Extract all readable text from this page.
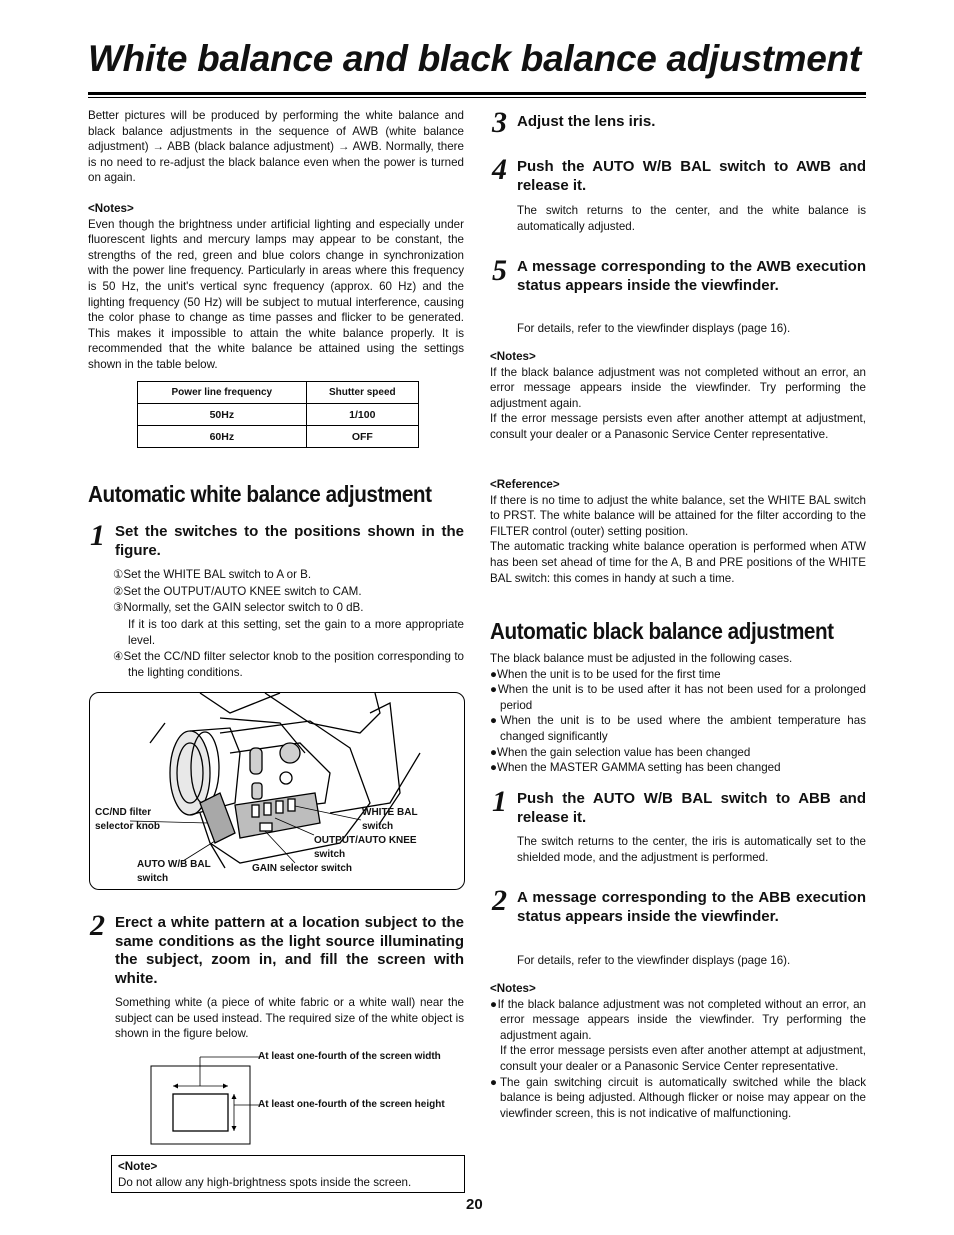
White balance and black balance adjustment

Better pictures will be produced by performing the white balance and black balance adjustments in the sequence of AWB (white balance adjustment) → ABB (black balance adjustment) → AWB. Normally, there is no need to re-adjust the black balance even when the power is turned on again.

<Notes>

Even though the brightness under artificial lighting and especially under fluorescent lights and mercury lamps may appear to be constant, the strengths of the red, green and blue colors change in synchronization with the power line frequency. Particularly in areas where this frequency is 50 Hz, the unit's vertical sync frequency (approx. 60 Hz) and the lighting frequency (50 Hz) will be subject to mutual interference, causing the color phase to change as time passes and flicker to be generated. This makes it impossible to attain the white balance properly. It is recommended that the white balance be attained using the settings shown in the table below.

Power line frequency	Shutter speed
50Hz	1/100
60Hz	OFF
Automatic white balance adjustment
1 Set the switches to the positions shown in the figure.
①Set the WHITE BAL switch to A or B.
②Set the OUTPUT/AUTO KNEE switch to CAM.
③Normally, set the GAIN selector switch to 0 dB.
If it is too dark at this setting, set the gain to a more appropriate level.
④Set the CC/ND filter selector knob to the position corresponding to the lighting conditions.
CC/ND filter selector knob
WHITE BAL switch
OUTPUT/AUTO KNEE switch
AUTO W/B BAL switch
GAIN selector switch
2 Erect a white pattern at a location subject to the same conditions as the light source illuminating the subject, zoom in, and fill the screen with white.

Something white (a piece of white fabric or a white wall) near the subject can be used instead. The required size of the white object is shown in the figure below.

At least one-fourth of the screen width
At least one-fourth of the screen height
<Note>
Do not allow any high-brightness spots inside the screen.
3 Adjust the lens iris.
4 Push the AUTO W/B BAL switch to AWB and release it.

The switch returns to the center, and the white balance is automatically adjusted.

5 A message corresponding to the AWB execution status appears inside the viewfinder.

For details, refer to the viewfinder displays (page 16).

<Notes>

If the black balance adjustment was not completed without an error, an error message appears inside the viewfinder. Try performing the adjustment again.

If the error message persists even after another attempt at adjustment, consult your dealer or a Panasonic Service Center representative.

<Reference>

If there is no time to adjust the white balance, set the WHITE BAL switch to PRST. The white balance will be attained for the filter according to the FILTER control (outer) setting position.

The automatic tracking white balance operation is performed when ATW has been set ahead of time for the A, B and PRE positions of the WHITE BAL switch: this comes in handy at such a time.

Automatic black balance adjustment

The black balance must be adjusted in the following cases.

●When the unit is to be used for the first time

●When the unit is to be used after it has not been used for a prolonged period

●When the unit is to be used where the ambient temperature has changed significantly

●When the gain selection value has been changed

●When the MASTER GAMMA setting has been changed

1 Push the AUTO W/B BAL switch to ABB and release it.

The switch returns to the center, the iris is automatically set to the shielded mode, and the adjustment is performed.

2 A message corresponding to the ABB execution status appears inside the viewfinder.

For details, refer to the viewfinder displays (page 16).

<Notes>

●If the black balance adjustment was not completed without an error, an error message appears inside the viewfinder. Try performing the adjustment again.

If the error message persists even after another attempt at adjustment, consult your dealer or a Panasonic Service Center representative.

●The gain switching circuit is automatically switched while the black balance is being adjusted. Although flicker or noise may appear on the viewfinder screen, this is not indicative of malfunctioning.

20
